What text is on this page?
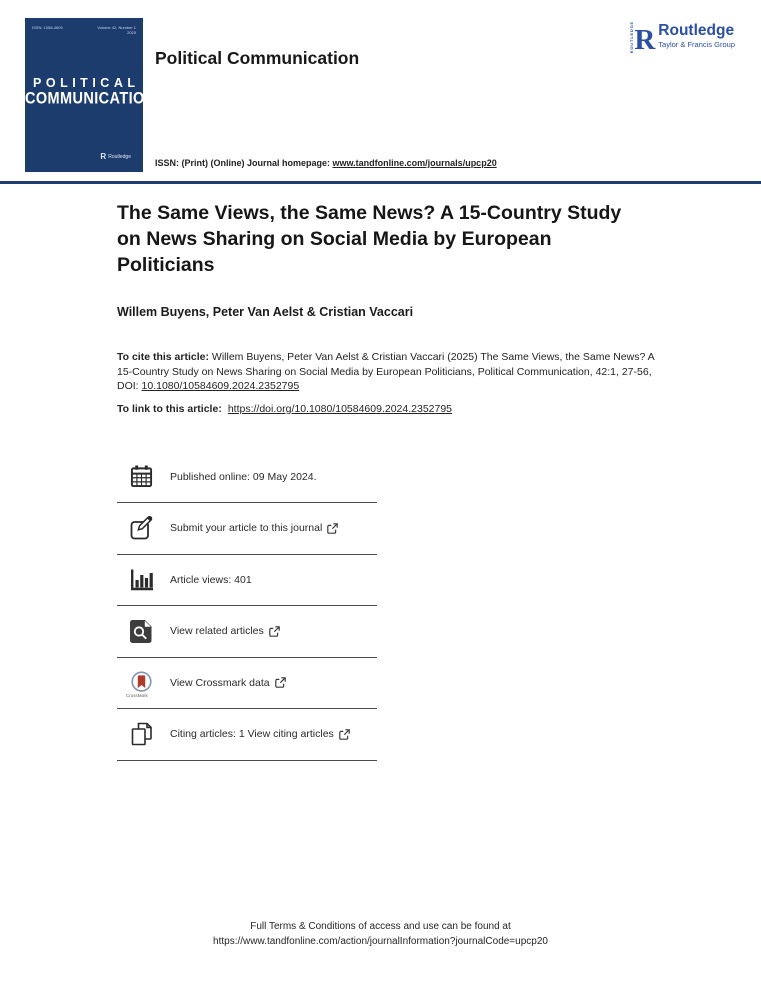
ISSN: 1058-4609	Volume 42, Number 1
2025
POLITICAL
COMMUNICATION
R Routledge
Political Communication
ROUTLEDGE R Routledge
Taylor & Francis Group
ISSN: (Print) (Online) Journal homepage: www.tandfonline.com/journals/upcp20
The Same Views, the Same News? A 15-Country Study on News Sharing on Social Media by European Politicians
Willem Buyens, Peter Van Aelst & Cristian Vaccari

To cite this article: Willem Buyens, Peter Van Aelst & Cristian Vaccari (2025) The Same Views, the Same News? A 15-Country Study on News Sharing on Social Media by European Politicians, Political Communication, 42:1, 27-56, DOI: 10.1080/10584609.2024.2352795

To link to this article: https://doi.org/10.1080/10584609.2024.2352795

Published online: 09 May 2024.
Submit your article to this journal
Article views: 401
View related articles
CrossMark
View Crossmark data
Citing articles: 1 View citing articles
Full Terms & Conditions of access and use can be found at
https://www.tandfonline.com/action/journalInformation?journalCode=upcp20
